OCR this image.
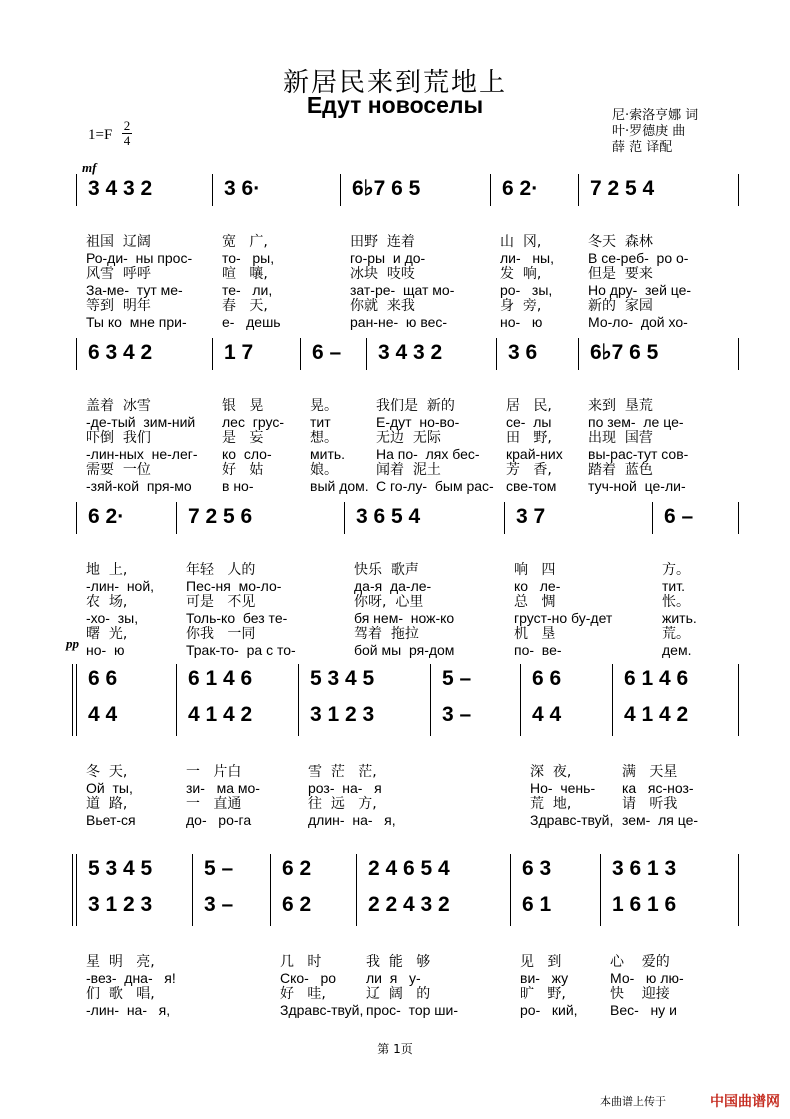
新居民来到荒地上
Едут новоселы	尼·索洛亨娜 词
叶·罗德庚 曲
薛 范 译配
1=F
2
4
mf
pp
3 4 3 2	3 6·	6♭7 6 5	6 2· 7 2 5 4
祖国  辽阔	宽   广,	田野  连着	山  冈,	冬天  森林
Ро-ди-  ны прос- то-   ры,	го-ры  и до-	ли-   ны, В се-реб-  ро о-
风雪  呼呼	喧   嚷,	冰块  吱吱	发  响,	但是  要来
За-ме-  тут ме-	те-   ли,	зат-ре-  щат мо-	ро-   зы,	Но дру-  зей це-
等到  明年	春   天,	你就  来我	身  旁,	新的  家园
Ты ко  мне при-	е-   дешь	ран-не-  ю вес-	но-   ю	Мо-ло-  дой хо-
6 3 4 2	1 7	6 – 3 4 3 2	3 6	6♭7 6 5
盖着  冰雪	银   晃	晃。	我们是  新的	居   民,	来到  垦荒
-де-тый  зим-ний лес  грус- тит	Е-дут  но-во-	се-  лы	по зем-  ле це-
吓倒  我们	是   妄	想。	无边  无际	田   野,	出现  国营
-лин-ных  не-лег- ко  сло-	мить. На по-  лях бес- край-них вы-рас-тут сов-
需要  一位	好   姑	娘。	闻着  泥土	芳   香,	踏着  蓝色
-зяй-кой  пря-мо в но-	вый дом. С го-лу-  бым рас- све-том туч-ной  це-ли-
6 2·	7 2 5 6	3 6 5 4	3 7	6 –
地  上,	年轻   人的	快乐  歌声	响   四	方。
-лин-  ной, Пес-ня  мо-ло-	да-я  да-ле-	ко   ле-	тит.
农  场,	可是   不见	你呀,  心里	总   惆	怅。
-хо-  зы,	Толь-ко  без те-	бя нем-  нож-ко	груст-но бу-дет	жить.
曙  光,	你我   一同	驾着  拖拉	机   垦	荒。
но-  ю	Трак-то-  ра с то-	бой мы  ря-дом	по-  ве-	дем.
6 6
4 4
6 1 4 6
4 1 4 2
5 3 4 5
3 1 2 3
5 –
3 –
6 6
4 4
6 1 4 6
4 1 4 2
冬  天,	一   片白	雪  茫   茫,	深  夜,	满   天星
Ой  ты,	зи-   ма мо-	роз-  на-   я	Но-  чень- ка   яс-ноз-
道  路,	一   直通	往  远   方,	荒  地,	请   听我
Вьет-ся	до-   ро-га	длин-  на-   я,	Здравс-твуй, зем-  ля це-
5 3 4 5
3 1 2 3
5 –
3 –
6 2
6 2
2 4 6 5 4
2 2 4 3 2
6 3
6 1
3 6 1 3
1 6 1 6
星  明   亮,	几   时	我  能   够	见   到	心    爱的
-вез-  дна-   я!	Ско-   ро ли  я   у-	ви-   жу	Мо-   ю лю-
们  歌   唱,	好   哇,	辽  阔   的	旷   野,	快    迎接
-лин-  на-   я,	Здравс-твуй, прос-  тор ши-	ро-   кий, Вес-   ну и
第 1页
本曲谱上传于	中国曲谱网
